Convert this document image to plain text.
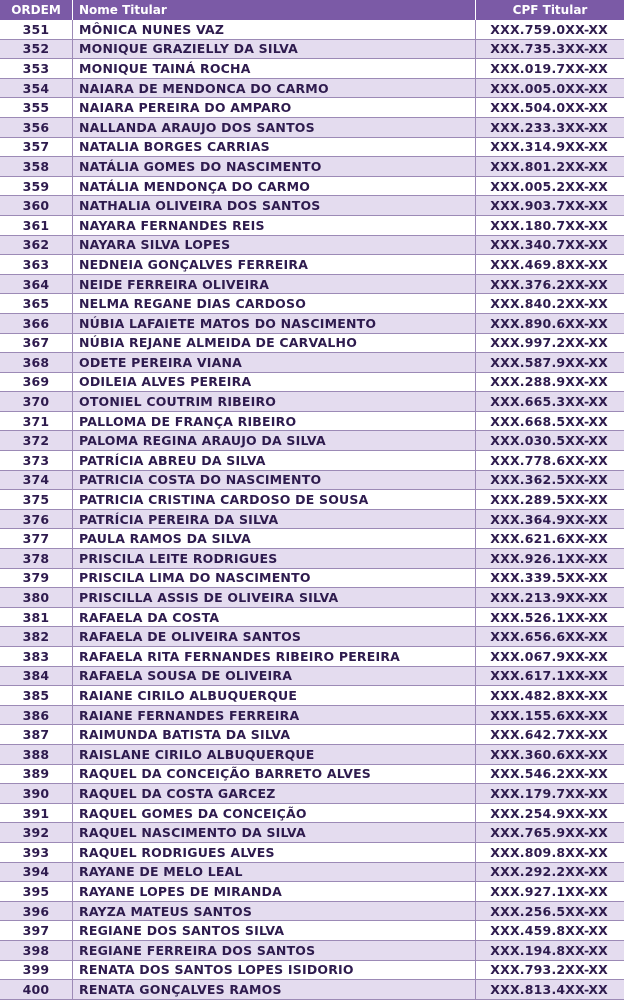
ORDEM	Nome Titular	CPF Titular
351	MÔNICA NUNES VAZ	XXX.759.0XX-XX
352	MONIQUE GRAZIELLY DA SILVA	XXX.735.3XX-XX
353	MONIQUE TAINÁ ROCHA	XXX.019.7XX-XX
354	NAIARA DE MENDONCA DO CARMO	XXX.005.0XX-XX
355	NAIARA PEREIRA DO AMPARO	XXX.504.0XX-XX
356	NALLANDA ARAUJO DOS SANTOS	XXX.233.3XX-XX
357	NATALIA BORGES CARRIAS	XXX.314.9XX-XX
358	NATÁLIA GOMES DO NASCIMENTO	XXX.801.2XX-XX
359	NATÁLIA MENDONÇA DO CARMO	XXX.005.2XX-XX
360	NATHALIA OLIVEIRA DOS SANTOS	XXX.903.7XX-XX
361	NAYARA FERNANDES REIS	XXX.180.7XX-XX
362	NAYARA SILVA LOPES	XXX.340.7XX-XX
363	NEDNEIA GONÇALVES FERREIRA	XXX.469.8XX-XX
364	NEIDE FERREIRA OLIVEIRA	XXX.376.2XX-XX
365	NELMA REGANE DIAS CARDOSO	XXX.840.2XX-XX
366	NÚBIA LAFAIETE MATOS DO NASCIMENTO	XXX.890.6XX-XX
367	NÚBIA REJANE ALMEIDA DE CARVALHO	XXX.997.2XX-XX
368	ODETE PEREIRA VIANA	XXX.587.9XX-XX
369	ODILEIA ALVES PEREIRA	XXX.288.9XX-XX
370	OTONIEL COUTRIM RIBEIRO	XXX.665.3XX-XX
371	PALLOMA DE FRANÇA RIBEIRO	XXX.668.5XX-XX
372	PALOMA REGINA ARAUJO DA SILVA	XXX.030.5XX-XX
373	PATRÍCIA ABREU DA SILVA	XXX.778.6XX-XX
374	PATRICIA COSTA DO NASCIMENTO	XXX.362.5XX-XX
375	PATRICIA CRISTINA CARDOSO DE SOUSA	XXX.289.5XX-XX
376	PATRÍCIA PEREIRA DA SILVA	XXX.364.9XX-XX
377	PAULA RAMOS DA SILVA	XXX.621.6XX-XX
378	PRISCILA LEITE RODRIGUES	XXX.926.1XX-XX
379	PRISCILA LIMA DO NASCIMENTO	XXX.339.5XX-XX
380	PRISCILLA ASSIS DE OLIVEIRA SILVA	XXX.213.9XX-XX
381	RAFAELA DA COSTA	XXX.526.1XX-XX
382	RAFAELA DE OLIVEIRA SANTOS	XXX.656.6XX-XX
383	RAFAELA RITA FERNANDES RIBEIRO PEREIRA	XXX.067.9XX-XX
384	RAFAELA SOUSA DE OLIVEIRA	XXX.617.1XX-XX
385	RAIANE CIRILO ALBUQUERQUE	XXX.482.8XX-XX
386	RAIANE FERNANDES FERREIRA	XXX.155.6XX-XX
387	RAIMUNDA BATISTA DA SILVA	XXX.642.7XX-XX
388	RAISLANE CIRILO ALBUQUERQUE	XXX.360.6XX-XX
389	RAQUEL DA CONCEIÇÃO BARRETO ALVES	XXX.546.2XX-XX
390	RAQUEL DA COSTA GARCEZ	XXX.179.7XX-XX
391	RAQUEL GOMES DA CONCEIÇÃO	XXX.254.9XX-XX
392	RAQUEL NASCIMENTO DA SILVA	XXX.765.9XX-XX
393	RAQUEL RODRIGUES ALVES	XXX.809.8XX-XX
394	RAYANE DE MELO LEAL	XXX.292.2XX-XX
395	RAYANE LOPES DE MIRANDA	XXX.927.1XX-XX
396	RAYZA MATEUS SANTOS	XXX.256.5XX-XX
397	REGIANE DOS SANTOS SILVA	XXX.459.8XX-XX
398	REGIANE FERREIRA DOS SANTOS	XXX.194.8XX-XX
399	RENATA DOS SANTOS LOPES ISIDORIO	XXX.793.2XX-XX
400	RENATA GONÇALVES RAMOS	XXX.813.4XX-XX
